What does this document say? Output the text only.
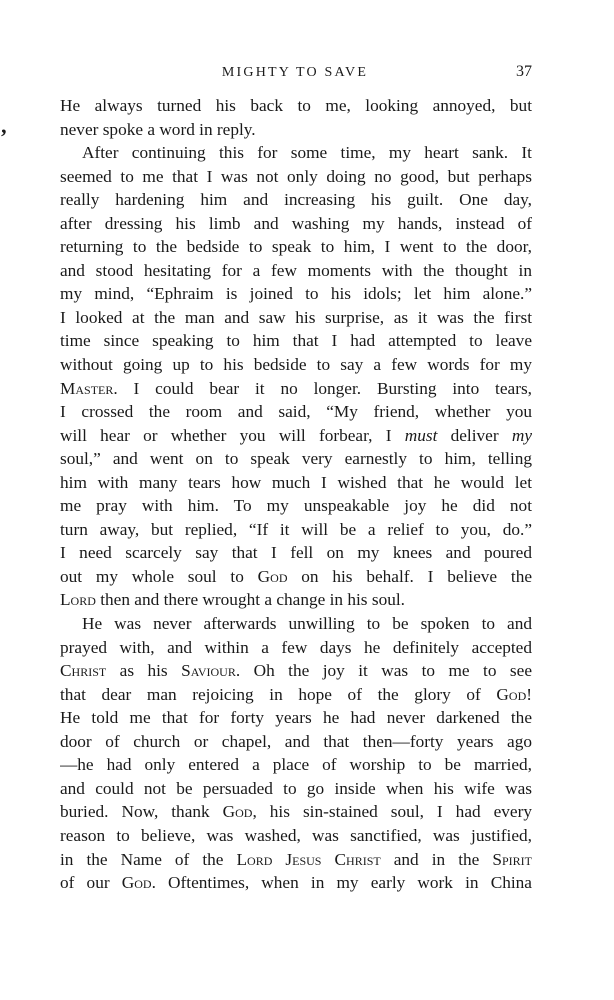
MIGHTY TO SAVE	37
’
He always turned his back to me, looking annoyed, but
never spoke a word in reply.
After continuing this for some time, my heart sank. It
seemed to me that I was not only doing no good, but perhaps
really hardening him and increasing his guilt. One day,
after dressing his limb and washing my hands, instead of
returning to the bedside to speak to him, I went to the door,
and stood hesitating for a few moments with the thought in
my mind, “Ephraim is joined to his idols; let him alone.”
I looked at the man and saw his surprise, as it was the first
time since speaking to him that I had attempted to leave
without going up to his bedside to say a few words for my
Master. I could bear it no longer. Bursting into tears,
I crossed the room and said, “My friend, whether you
will hear or whether you will forbear, I must deliver my
soul,” and went on to speak very earnestly to him, telling
him with many tears how much I wished that he would let
me pray with him. To my unspeakable joy he did not
turn away, but replied, “If it will be a relief to you, do.”
I need scarcely say that I fell on my knees and poured
out my whole soul to God on his behalf. I believe the
Lord then and there wrought a change in his soul.
He was never afterwards unwilling to be spoken to and
prayed with, and within a few days he definitely accepted
Christ as his Saviour. Oh the joy it was to me to see
that dear man rejoicing in hope of the glory of God!
He told me that for forty years he had never darkened the
door of church or chapel, and that then—forty years ago
—he had only entered a place of worship to be married,
and could not be persuaded to go inside when his wife was
buried. Now, thank God, his sin-stained soul, I had every
reason to believe, was washed, was sanctified, was justified,
in the Name of the Lord Jesus Christ and in the Spirit
of our God. Oftentimes, when in my early work in China
